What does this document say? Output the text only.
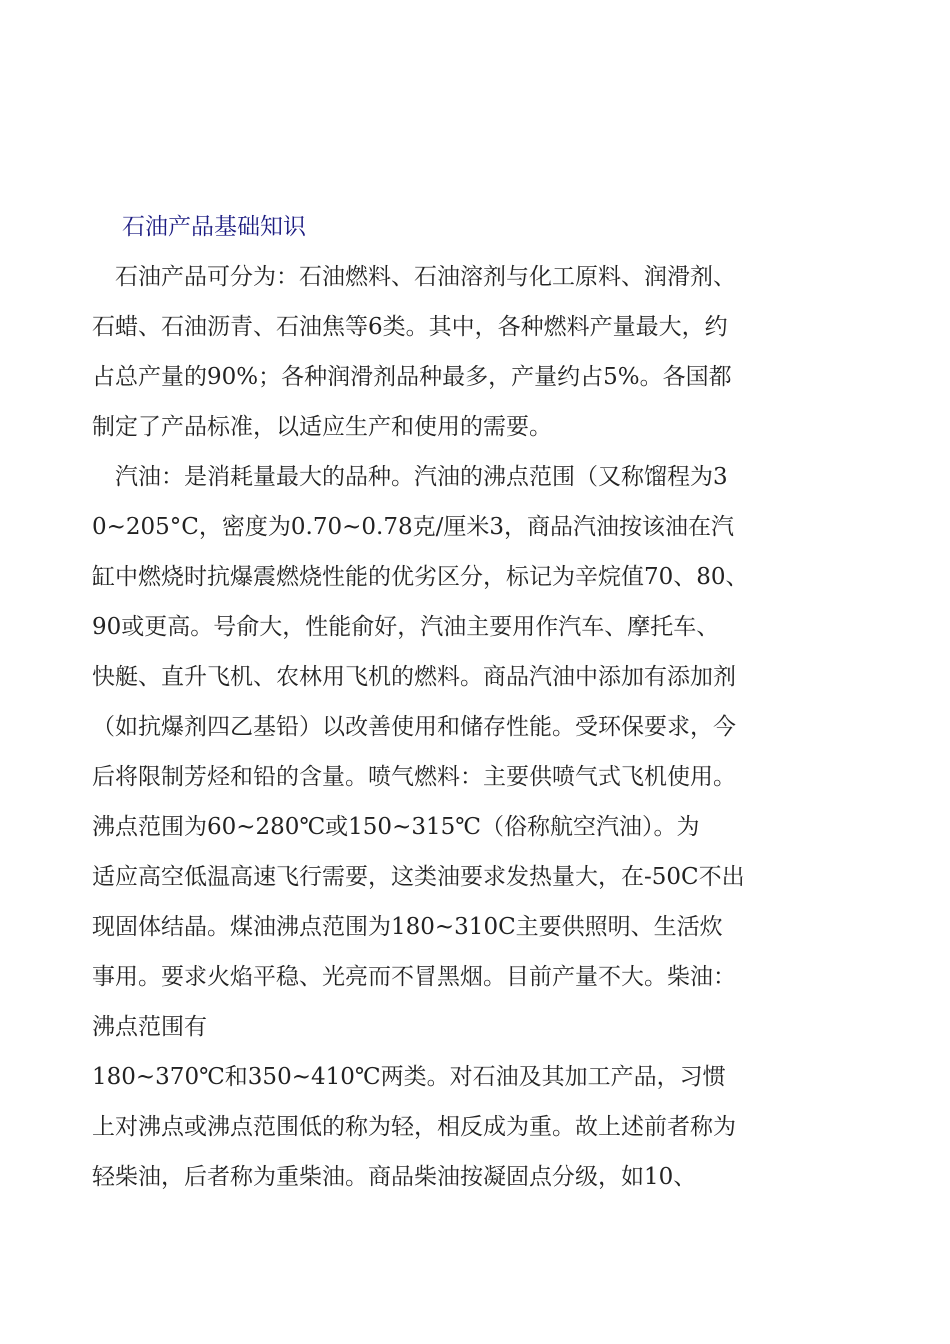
石油产品基础知识
　石油产品可分为：石油燃料、石油溶剂与化工原料、润滑剂、
石蜡、石油沥青、石油焦等6类。其中，各种燃料产量最大，约
占总产量的90%；各种润滑剂品种最多，产量约占5%。各国都
制定了产品标准，以适应生产和使用的需要。
　汽油：是消耗量最大的品种。汽油的沸点范围（又称馏程为3
0~205°C，密度为0.70~0.78克/厘米3，商品汽油按该油在汽
缸中燃烧时抗爆震燃烧性能的优劣区分，标记为辛烷值70、80、
90或更高。号俞大，性能俞好，汽油主要用作汽车、摩托车、
快艇、直升飞机、农林用飞机的燃料。商品汽油中添加有添加剂
（如抗爆剂四乙基铅）以改善使用和储存性能。受环保要求，今
后将限制芳烃和铅的含量。喷气燃料：主要供喷气式飞机使用。
沸点范围为60~280℃或150~315℃（俗称航空汽油）。为
适应高空低温高速飞行需要，这类油要求发热量大，在-50C不出
现固体结晶。煤油沸点范围为180~310C主要供照明、生活炊
事用。要求火焰平稳、光亮而不冒黑烟。目前产量不大。柴油：
沸点范围有
180~370℃和350~410℃两类。对石油及其加工产品，习惯
上对沸点或沸点范围低的称为轻，相反成为重。故上述前者称为
轻柴油，后者称为重柴油。商品柴油按凝固点分级，如10、
